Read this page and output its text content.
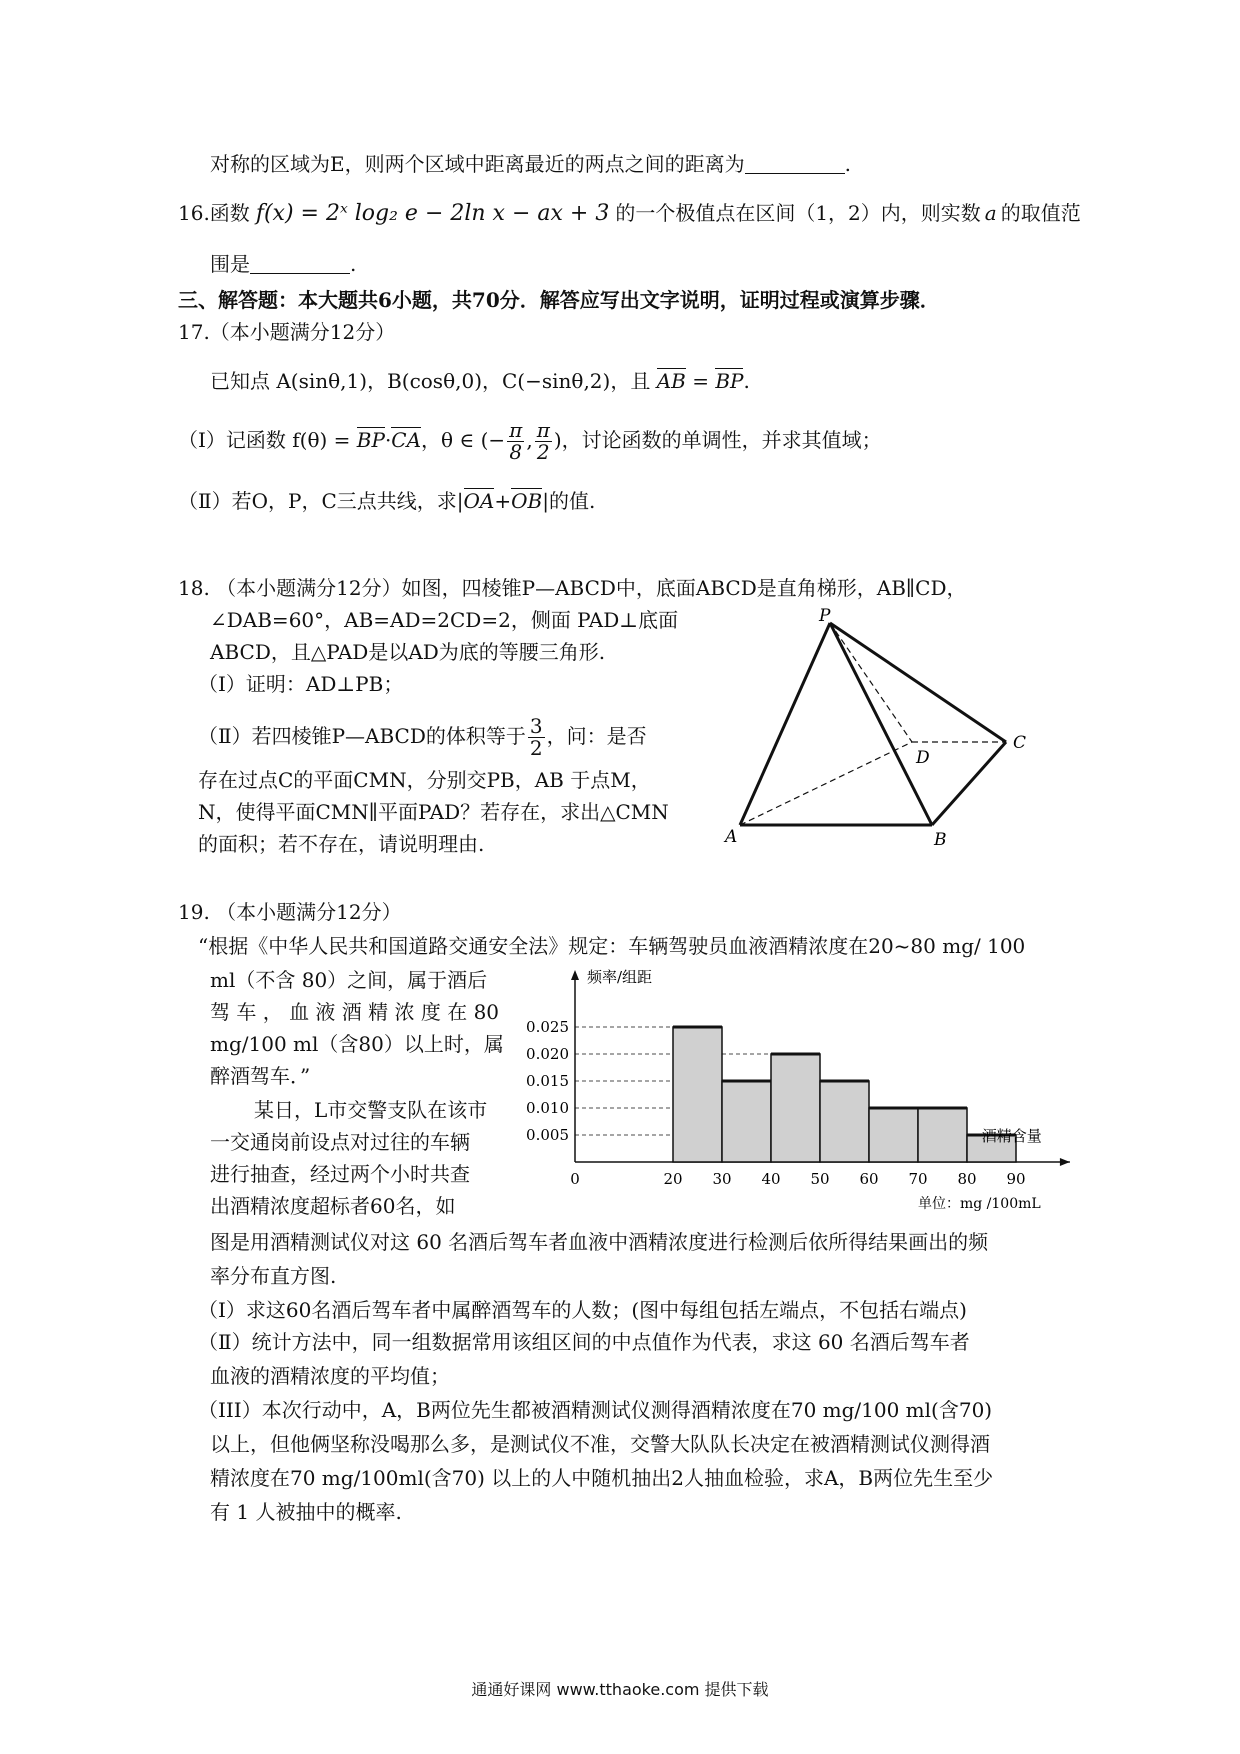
对称的区域为E，则两个区域中距离最近的两点之间的距离为	.
16.函数 f(x) = 2ˣ log₂ e − 2ln x − ax + 3 的一个极值点在区间（1，2）内，则实数 a 的取值范
围是	.
三、解答题：本大题共6小题，共70分．解答应写出文字说明，证明过程或演算步骤．
17.（本小题满分12分）
已知点 A(sinθ,1)，B(cosθ,0)，C(−sinθ,2)，且 AB = BP.
（Ⅰ）记函数 f(θ) = BP·CA，θ ∈ (− $\frac{\pi}{8}$ , $\frac{\pi}{2}$ )，讨论函数的单调性，并求其值域；
（Ⅱ）若O，P，C三点共线，求|OA+OB|的值.
18. （本小题满分12分）如图，四棱锥P—ABCD中，底面ABCD是直角梯形，AB∥CD，
∠DAB=60°，AB=AD=2CD=2，侧面 PAD⊥底面
ABCD，且△PAD是以AD为底的等腰三角形.
（Ⅰ）证明：AD⊥PB；
（Ⅱ）若四棱锥P—ABCD的体积等于 $\frac{3}{2}$ ，问：是否
存在过点C的平面CMN，分别交PB，AB 于点M，
N，使得平面CMN∥平面PAD？若存在，求出△CMN
的面积；若不存在，请说明理由.
P
A	B
C
D
19. （本小题满分12分）
“根据《中华人民共和国道路交通安全法》规定：车辆驾驶员血液酒精浓度在20~80 mg/ 100
ml（不含 80）之间，属于酒后
驾 车 ， 血 液 酒 精 浓 度 在 80
mg/100 ml（含80）以上时，属
醉酒驾车．”
某日，L市交警支队在该市
一交通岗前设点对过往的车辆
进行抽查，经过两个小时共查
出酒精浓度超标者60名，如
图是用酒精测试仪对这 60 名酒后驾车者血液中酒精浓度进行检测后依所得结果画出的频
率分布直方图.
（Ⅰ）求这60名酒后驾车者中属醉酒驾车的人数；(图中每组包括左端点，不包括右端点)
（Ⅱ）统计方法中，同一组数据常用该组区间的中点值作为代表，求这 60 名酒后驾车者
血液的酒精浓度的平均值；
（III）本次行动中，A，B两位先生都被酒精测试仪测得酒精浓度在70 mg/100 ml(含70)
以上，但他俩坚称没喝那么多，是测试仪不准，交警大队队长决定在被酒精测试仪测得酒
精浓度在70 mg/100ml(含70) 以上的人中随机抽出2人抽血检验，求A，B两位先生至少
有 1 人被抽中的概率.
0.025
0.020
0.015
0.010
0.005
0	20 30 40 50 60 70 80 90
频率/组距
酒精含量
单位：mg /100mL
通通好课网 www.tthaoke.com 提供下载
